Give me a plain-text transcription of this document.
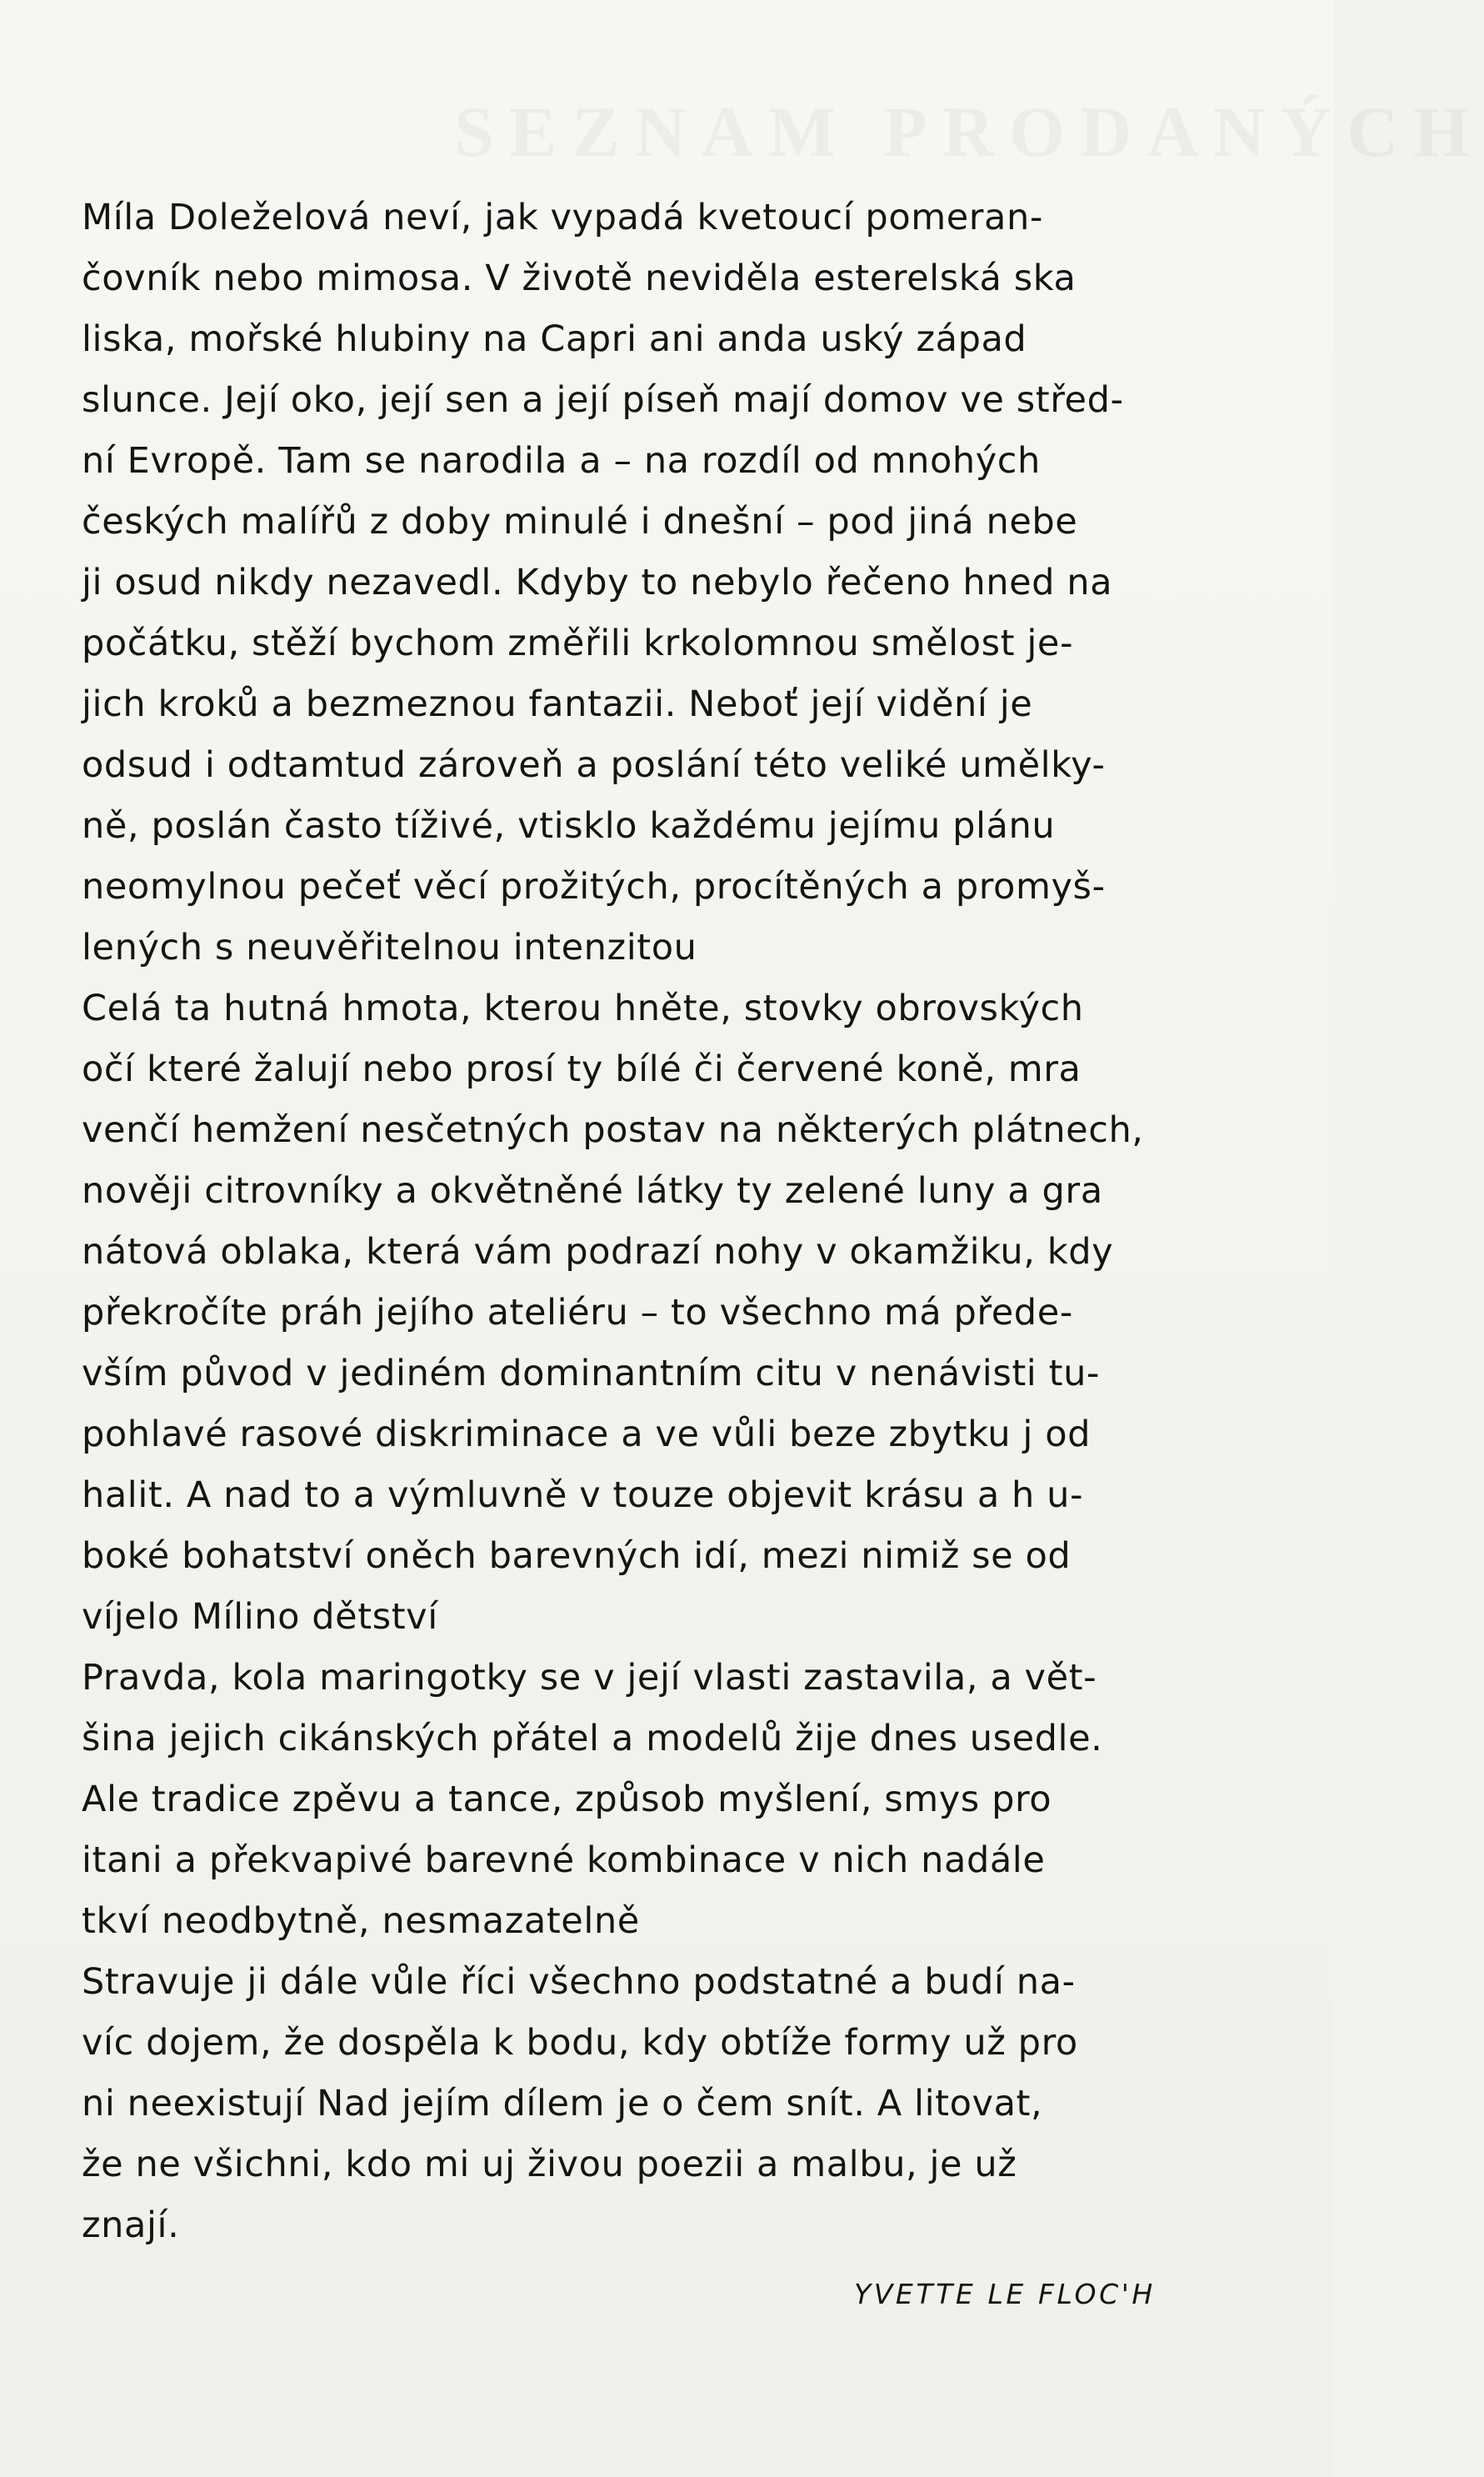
SEZNAM PRODANÝCH
Míla Doleželová neví, jak vypadá kvetoucí pomeran-
čovník nebo mimosa. V životě neviděla esterelská ska
liska, mořské hlubiny na Capri ani anda uský západ
slunce. Její oko, její sen a její píseň mají domov ve střed-
ní Evropě. Tam se narodila a – na rozdíl od mnohých
českých malířů z doby minulé i dnešní – pod jiná nebe
ji osud nikdy nezavedl. Kdyby to nebylo řečeno hned na
počátku, stěží bychom změřili krkolomnou smělost je-
jich kroků a bezmeznou fantazii. Neboť její vidění je
odsud i odtamtud zároveň a poslání této veliké umělky-
ně, poslán často tíživé, vtisklo každému jejímu plánu
neomylnou pečeť věcí prožitých, procítěných a promyš-
lených s neuvěřitelnou intenzitou
Celá ta hutná hmota, kterou hněte, stovky obrovských
očí které žalují nebo prosí ty bílé či červené koně, mra
venčí hemžení nesčetných postav na některých plátnech,
nověji citrovníky a okvětněné látky ty zelené luny a gra
nátová oblaka, která vám podrazí nohy v okamžiku, kdy
překročíte práh jejího ateliéru – to všechno má přede-
vším původ v jediném dominantním citu v nenávisti tu-
pohlavé rasové diskriminace a ve vůli beze zbytku j od
halit. A nad to a výmluvně v touze objevit krásu a h u-
boké bohatství oněch barevných idí, mezi nimiž se od
víjelo Mílino dětství
Pravda, kola maringotky se v její vlasti zastavila, a vět-
šina jejich cikánských přátel a modelů žije dnes usedle.
Ale tradice zpěvu a tance, způsob myšlení, smys pro
itani a překvapivé barevné kombinace v nich nadále
tkví neodbytně, nesmazatelně
Stravuje ji dále vůle říci všechno podstatné a budí na-
víc dojem, že dospěla k bodu, kdy obtíže formy už pro
ni neexistují Nad jejím dílem je o čem snít. A litovat,
že ne všichni, kdo mi uj živou poezii a malbu, je už
znají.
YVETTE LE FLOC'H
